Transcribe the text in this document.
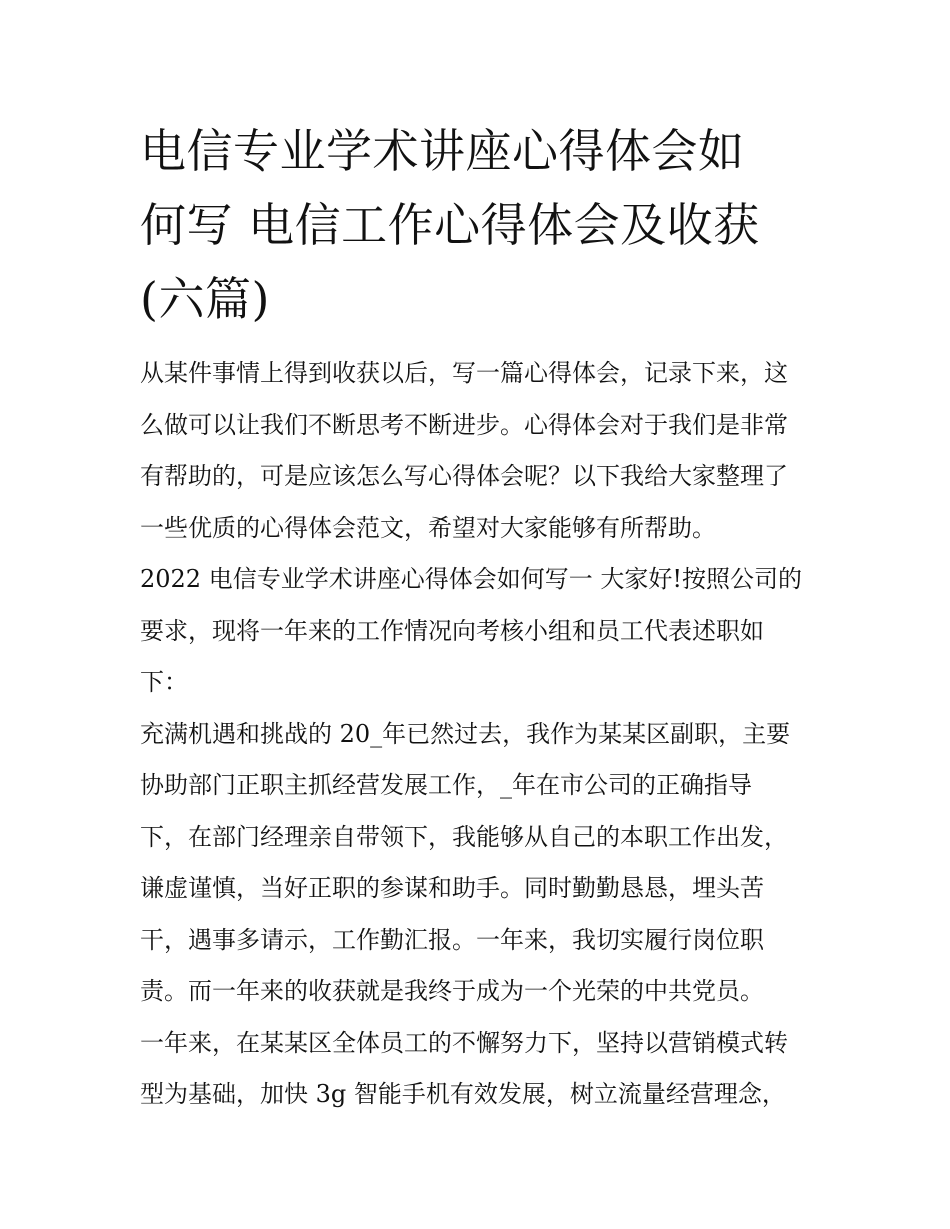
电信专业学术讲座心得体会如
何写 电信工作心得体会及收获
(六篇)
从某件事情上得到收获以后，写一篇心得体会，记录下来，这
么做可以让我们不断思考不断进步。心得体会对于我们是非常
有帮助的，可是应该怎么写心得体会呢？以下我给大家整理了
一些优质的心得体会范文，希望对大家能够有所帮助。
2022 电信专业学术讲座心得体会如何写一 大家好!按照公司的
要求，现将一年来的工作情况向考核小组和员工代表述职如
下：
充满机遇和挑战的 20_年已然过去，我作为某某区副职，主要
协助部门正职主抓经营发展工作，_年在市公司的正确指导
下，在部门经理亲自带领下，我能够从自己的本职工作出发，
谦虚谨慎，当好正职的参谋和助手。同时勤勤恳恳，埋头苦
干，遇事多请示，工作勤汇报。一年来，我切实履行岗位职
责。而一年来的收获就是我终于成为一个光荣的中共党员。
一年来，在某某区全体员工的不懈努力下，坚持以营销模式转
型为基础，加快 3g 智能手机有效发展，树立流量经营理念，
